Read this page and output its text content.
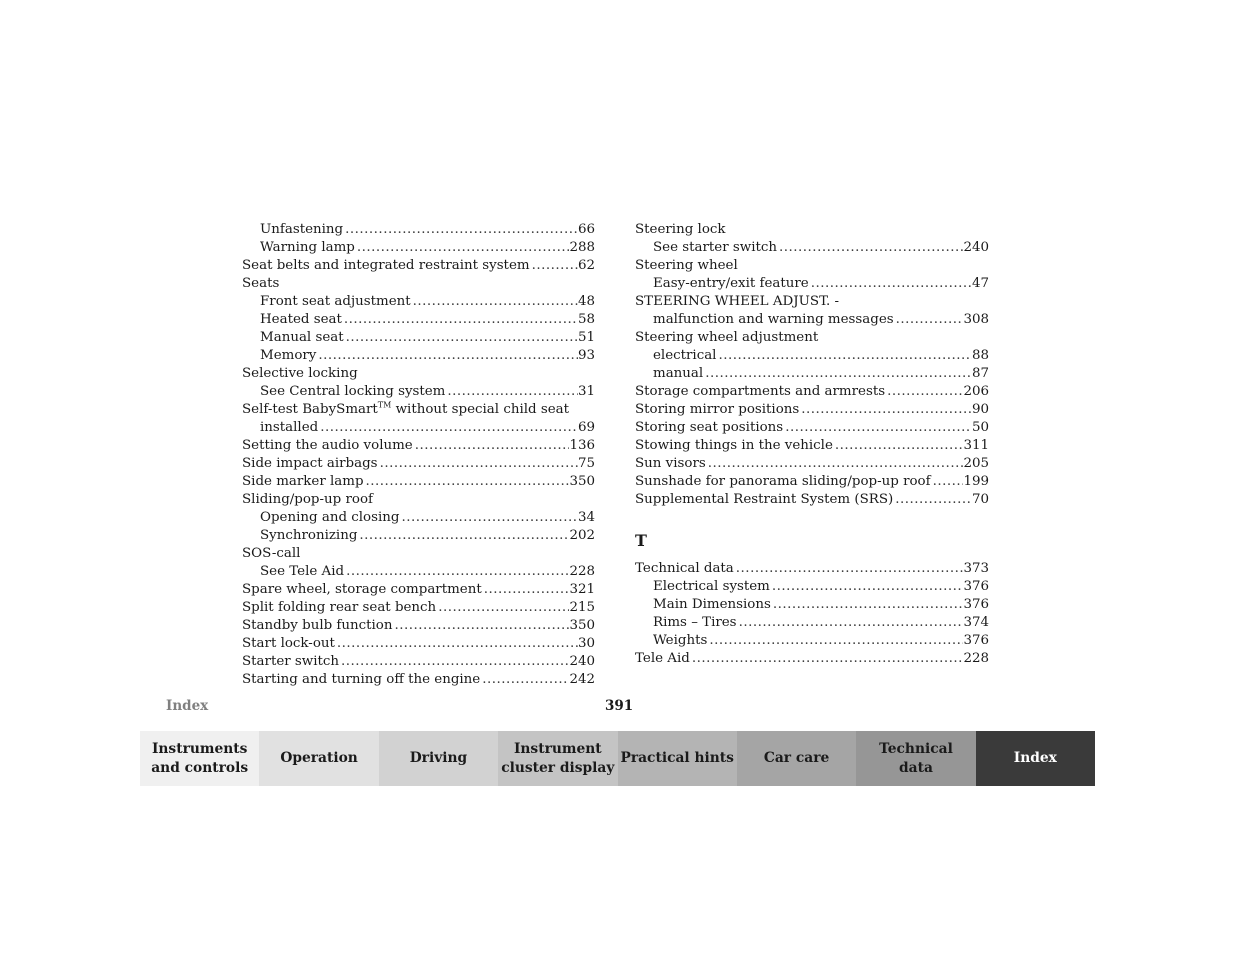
Unfastening .....	66
Warning lamp .....	288
Seat belts and integrated restraint system .....	62
Seats
Front seat adjustment .....	48
Heated seat .....	58
Manual seat .....	51
Memory .....	93
Selective locking
See Central locking system .....	31
Self-test BabySmart™ without special child seat
installed .....	69
Setting the audio volume .....	136
Side impact airbags .....	75
Side marker lamp .....	350
Sliding/pop-up roof
Opening and closing .....	34
Synchronizing .....	202
SOS-call
See Tele Aid .....	228
Spare wheel, storage compartment .....	321
Split folding rear seat bench .....	215
Standby bulb function .....	350
Start lock-out .....	30
Starter switch .....	240
Starting and turning off the engine .....	242
Steering lock
See starter switch .....	240
Steering wheel
Easy-entry/exit feature .....	47
STEERING WHEEL ADJUST. -
malfunction and warning messages .....	308
Steering wheel adjustment
electrical .....	88
manual .....	87
Storage compartments and armrests .....	206
Storing mirror positions .....	90
Storing seat positions .....	50
Stowing things in the vehicle .....	311
Sun visors .....	205
Sunshade for panorama sliding/pop-up roof ..... 199
Supplemental Restraint System (SRS) .....	70
T
Technical data .....	373
Electrical system .....	376
Main Dimensions .....	376
Rims – Tires .....	374
Weights .....	376
Tele Aid .....	228
Index	391
Instruments
and controls
Operation	Driving
Instrument
cluster display
Practical hints	Car care
Technical
data
Index
